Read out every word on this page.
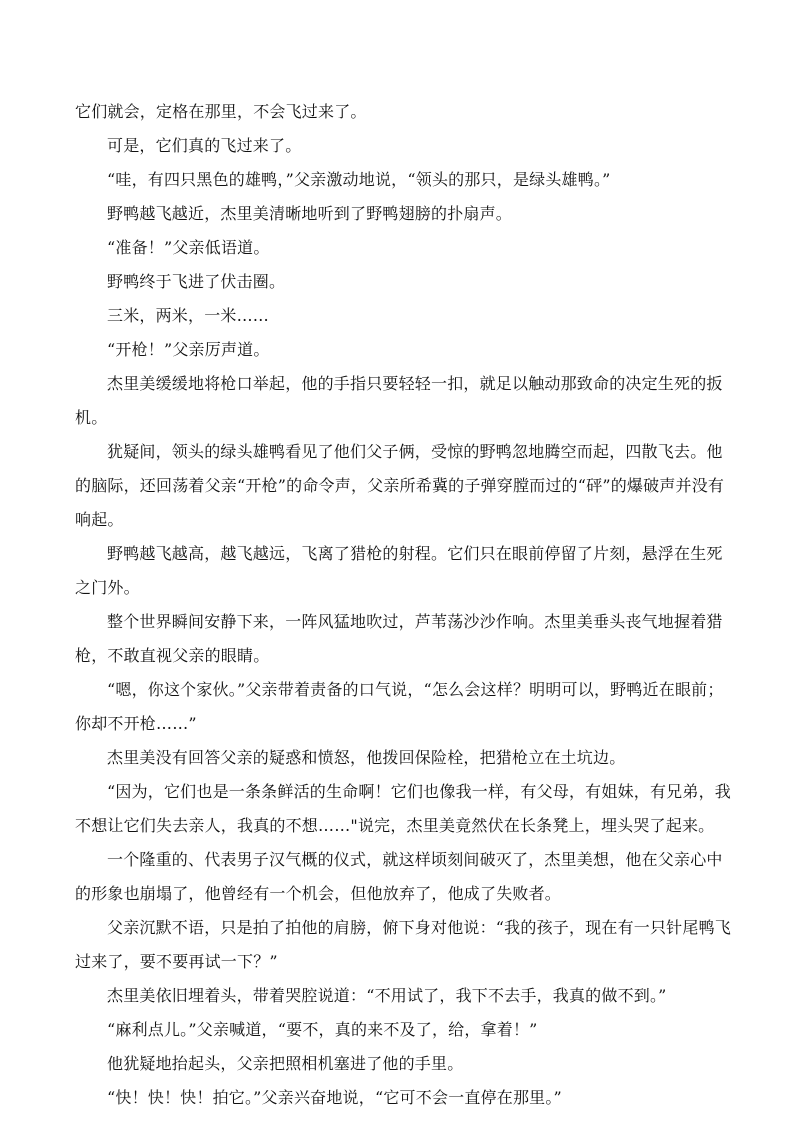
它们就会，定格在那里，不会飞过来了。

可是，它们真的飞过来了。

“哇，有四只黑色的雄鸭，”父亲激动地说，“领头的那只，是绿头雄鸭。”

野鸭越飞越近，杰里美清晰地听到了野鸭翅膀的扑扇声。

“准备！”父亲低语道。

野鸭终于飞进了伏击圈。

三米，两米，一米……

“开枪！”父亲厉声道。

杰里美缓缓地将枪口举起，他的手指只要轻轻一扣，就足以触动那致命的决定生死的扳机。

犹疑间，领头的绿头雄鸭看见了他们父子俩，受惊的野鸭忽地腾空而起，四散飞去。他的脑际，还回荡着父亲“开枪”的命令声，父亲所希冀的子弹穿膛而过的“砰”的爆破声并没有响起。

野鸭越飞越高，越飞越远，飞离了猎枪的射程。它们只在眼前停留了片刻，悬浮在生死之门外。

整个世界瞬间安静下来，一阵风猛地吹过，芦苇荡沙沙作响。杰里美垂头丧气地握着猎枪，不敢直视父亲的眼睛。

“嗯，你这个家伙。”父亲带着责备的口气说，“怎么会这样？明明可以，野鸭近在眼前；你却不开枪……”

杰里美没有回答父亲的疑惑和愤怒，他拨回保险栓，把猎枪立在土坑边。

“因为，它们也是一条条鲜活的生命啊！它们也像我一样，有父母，有姐妹，有兄弟，我不想让它们失去亲人，我真的不想……"说完，杰里美竟然伏在长条凳上，埋头哭了起来。

一个隆重的、代表男子汉气概的仪式，就这样顷刻间破灭了，杰里美想，他在父亲心中的形象也崩塌了，他曾经有一个机会，但他放弃了，他成了失败者。

父亲沉默不语，只是拍了拍他的肩膀，俯下身对他说：“我的孩子，现在有一只针尾鸭飞过来了，要不要再试一下？”

杰里美依旧埋着头，带着哭腔说道：“不用试了，我下不去手，我真的做不到。”

“麻利点儿。”父亲喊道，“要不，真的来不及了，给，拿着！”

他犹疑地抬起头，父亲把照相机塞进了他的手里。

“快！快！快！拍它。”父亲兴奋地说，“它可不会一直停在那里。”
